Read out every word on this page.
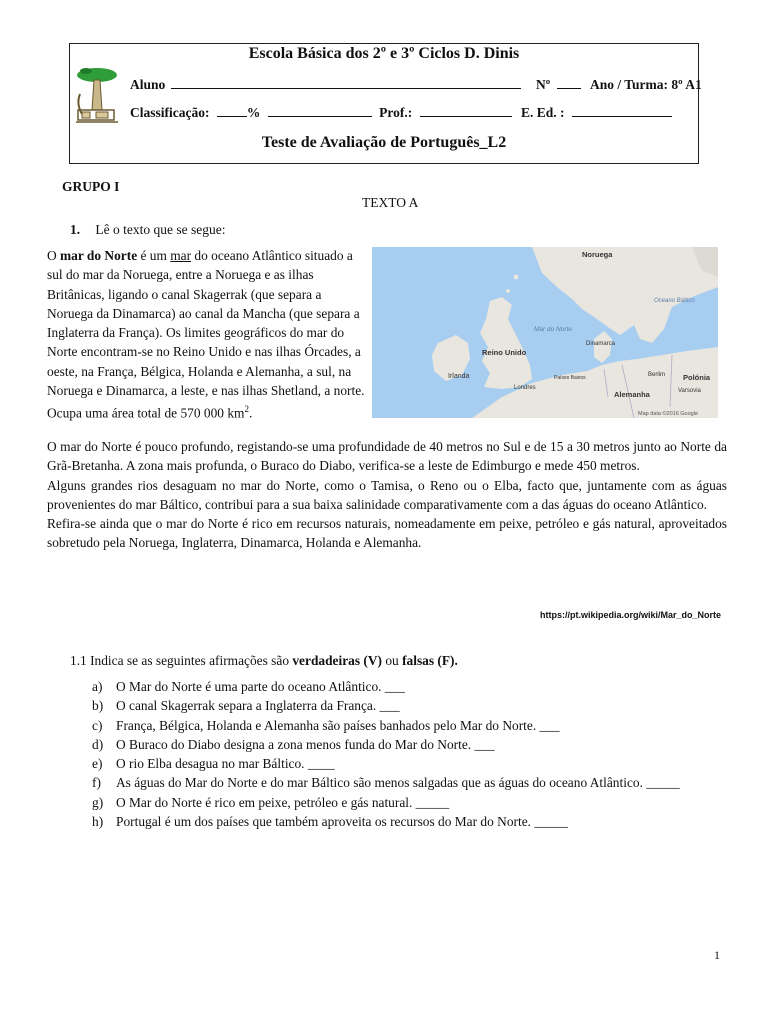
Escola Básica dos 2º e 3º Ciclos D. Dinis
Aluno	Nº	Ano / Turma: 8º A1
Classificação:	%	Prof.:	E. Ed. :
Teste de Avaliação de Português_L2
GRUPO I
TEXTO A
1. Lê o texto que se segue:
O mar do Norte é um mar do oceano Atlântico situado a sul do mar da Noruega, entre a Noruega e as ilhas Britânicas, ligando o canal Skagerrak (que separa a Noruega da Dinamarca) ao canal da Mancha (que separa a Inglaterra da França). Os limites geográficos do mar do Norte encontram-se no Reino Unido e nas ilhas Órcades, a oeste, na França, Bélgica, Holanda e Alemanha, a sul, na Noruega e Dinamarca, a leste, e nas ilhas Shetland, a norte. Ocupa uma área total de 570 000 $km^2$.
Noruega
Oceano Báltico
Mar do Norte
Reino Unido
Dinamarca
Irlanda
Londres
Berlim Polónia
Alemanha	Varsovia
Países Baixos
Map data ©2016 Google

O mar do Norte é pouco profundo, registando-se uma profundidade de 40 metros no Sul e de 15 a 30 metros junto ao Norte da Grã-Bretanha. A zona mais profunda, o Buraco do Diabo, verifica-se a leste de Edimburgo e mede 450 metros.

Alguns grandes rios desaguam no mar do Norte, como o Tamisa, o Reno ou o Elba, facto que, juntamente com as águas provenientes do mar Báltico, contribui para a sua baixa salinidade comparativamente com a das águas do oceano Atlântico.

Refira-se ainda que o mar do Norte é rico em recursos naturais, nomeadamente em peixe, petróleo e gás natural, aproveitados sobretudo pela Noruega, Inglaterra, Dinamarca, Holanda e Alemanha.

https://pt.wikipedia.org/wiki/Mar_do_Norte
1.1 Indica se as seguintes afirmações são verdadeiras (V) ou falsas (F).
a)	O Mar do Norte é uma parte do oceano Atlântico. ___
b) O canal Skagerrak separa a Inglaterra da França. ___
c)	França, Bélgica, Holanda e Alemanha são países banhados pelo Mar do Norte. ___
d) O Buraco do Diabo designa a zona menos funda do Mar do Norte. ___
e)	O rio Elba desagua no mar Báltico. ____
f)	As águas do Mar do Norte e do mar Báltico são menos salgadas que as águas do oceano Atlântico. _____
g) O Mar do Norte é rico em peixe, petróleo e gás natural. _____
h) Portugal é um dos países que também aproveita os recursos do Mar do Norte. _____
1
